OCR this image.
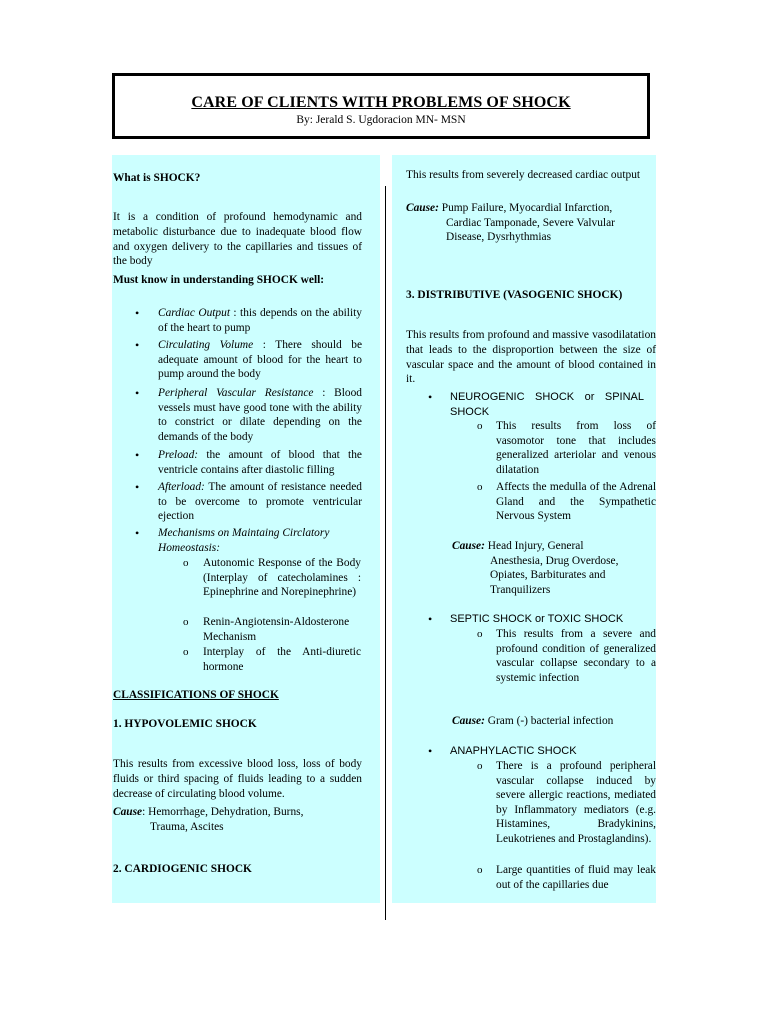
CARE OF CLIENTS WITH PROBLEMS OF SHOCK
By: Jerald S. Ugdoracion MN- MSN
What is SHOCK?

It is a condition of profound hemodynamic and metabolic disturbance due to inadequate blood flow and oxygen delivery to the capillaries and tissues of the body

Must know in understanding SHOCK well:
•	Cardiac Output : this depends on the ability of the heart to pump

•	Circulating Volume : There should be adequate amount of blood for the heart to pump around the body

•	Peripheral Vascular Resistance : Blood vessels must have good tone with the ability to constrict or dilate depending on the demands of the body

•	Preload: the amount of blood that the ventricle contains after diastolic filling

•	Afterload: The amount of resistance needed to be overcome to promote ventricular ejection

•	Mechanisms on Maintaing Circlatory Homeostasis:

o	Autonomic Response of the Body (Interplay of catecholamines : Epinephrine and Norepinephrine)

o	Renin-Angiotensin-Aldosterone Mechanism

o	Interplay of the Anti-diuretic hormone

CLASSIFICATIONS OF SHOCK
1. HYPOVOLEMIC SHOCK

This results from excessive blood loss, loss of body fluids or third spacing of fluids leading to a sudden decrease of circulating blood volume.

Cause: Hemorrhage, Dehydration, Burns,
Trauma, Ascites
2. CARDIOGENIC SHOCK

This results from severely decreased cardiac output

Cause: Pump Failure, Myocardial Infarction,
Cardiac Tamponade, Severe Valvular
Disease, Dysrhythmias
3. DISTRIBUTIVE (VASOGENIC SHOCK)

This results from profound and massive vasodilatation that leads to the disproportion between the size of vascular space and the amount of blood contained in it.

•	NEUROGENIC SHOCK or SPINAL SHOCK

o	This results from loss of vasomotor tone that includes generalized arteriolar and venous dilatation

o	Affects the medulla of the Adrenal Gland and the Sympathetic Nervous System

Cause: Head Injury, General
Anesthesia, Drug Overdose,
Opiates, Barbiturates and
Tranquilizers
•	SEPTIC SHOCK or TOXIC SHOCK

o	This results from a severe and profound condition of generalized vascular collapse secondary to a systemic infection

Cause: Gram (-) bacterial infection
•	ANAPHYLACTIC SHOCK

o	There is a profound peripheral vascular collapse induced by severe allergic reactions, mediated by Inflammatory mediators (e.g. Histamines, Bradykinins, Leukotrienes and Prostaglandins).

o	Large quantities of fluid may leak out of the capillaries due
